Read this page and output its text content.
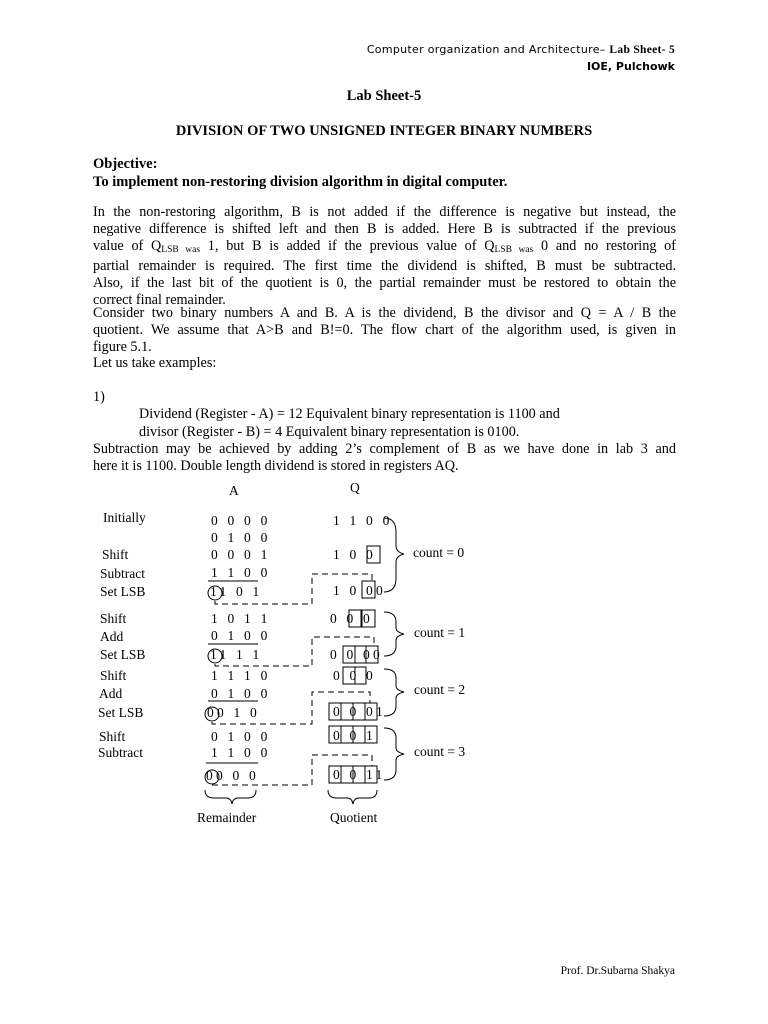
Computer organization and Architecture– Lab Sheet- 5
IOE, Pulchowk
Lab Sheet-5
DIVISION OF TWO UNSIGNED INTEGER BINARY NUMBERS
Objective:
To implement non-restoring division algorithm in digital computer.
In the non-restoring algorithm, B is not added if the difference is negative but instead, the
negative difference is shifted left and then B is added. Here B is subtracted if the previous
value of $Q_{LSB was}$ 1, but B is added if the previous value of $Q_{LSB was}$ 0 and no restoring of
partial remainder is required. The first time the dividend is shifted, B must be subtracted.
Also, if the last bit of the quotient is 0, the partial remainder must be restored to obtain the
correct final remainder.
Consider two binary numbers A and B. A is the dividend, B the divisor and Q = A / B the
quotient. We assume that A>B and B!=0. The flow chart of the algorithm used, is given in
figure 5.1.
Let us take examples:
1)
Dividend (Register - A) = 12 Equivalent binary representation is 1100 and
divisor (Register - B) = 4 Equivalent binary representation is 0100.
Subtraction may be achieved by adding 2’s complement of B as we have done in lab 3 and
here it is 1100. Double length dividend is stored in registers AQ.
A	Q
Initially
Shift
Subtract
Set LSB
Shift
Add
Set LSB
Shift
Add
Set LSB
Shift
Subtract
0 0 0 0
0 1 0 0
0 0 0 1
1 1 0 0
11 0 1
1 0 1 1
0 1 0 0
11 1 1
1 1 1 0
0 1 0 0
00 1 0
0 1 0 0
1 1 0 0
00 0 0
1 1 0 0
1 0 0
1 0 00
0 0 0
0 0 00
0 0 0
0 0 01
0 0 1
0 0 11
count = 0
count = 1
count = 2
count = 3
Remainder	Quotient
Prof. Dr.Subarna Shakya
